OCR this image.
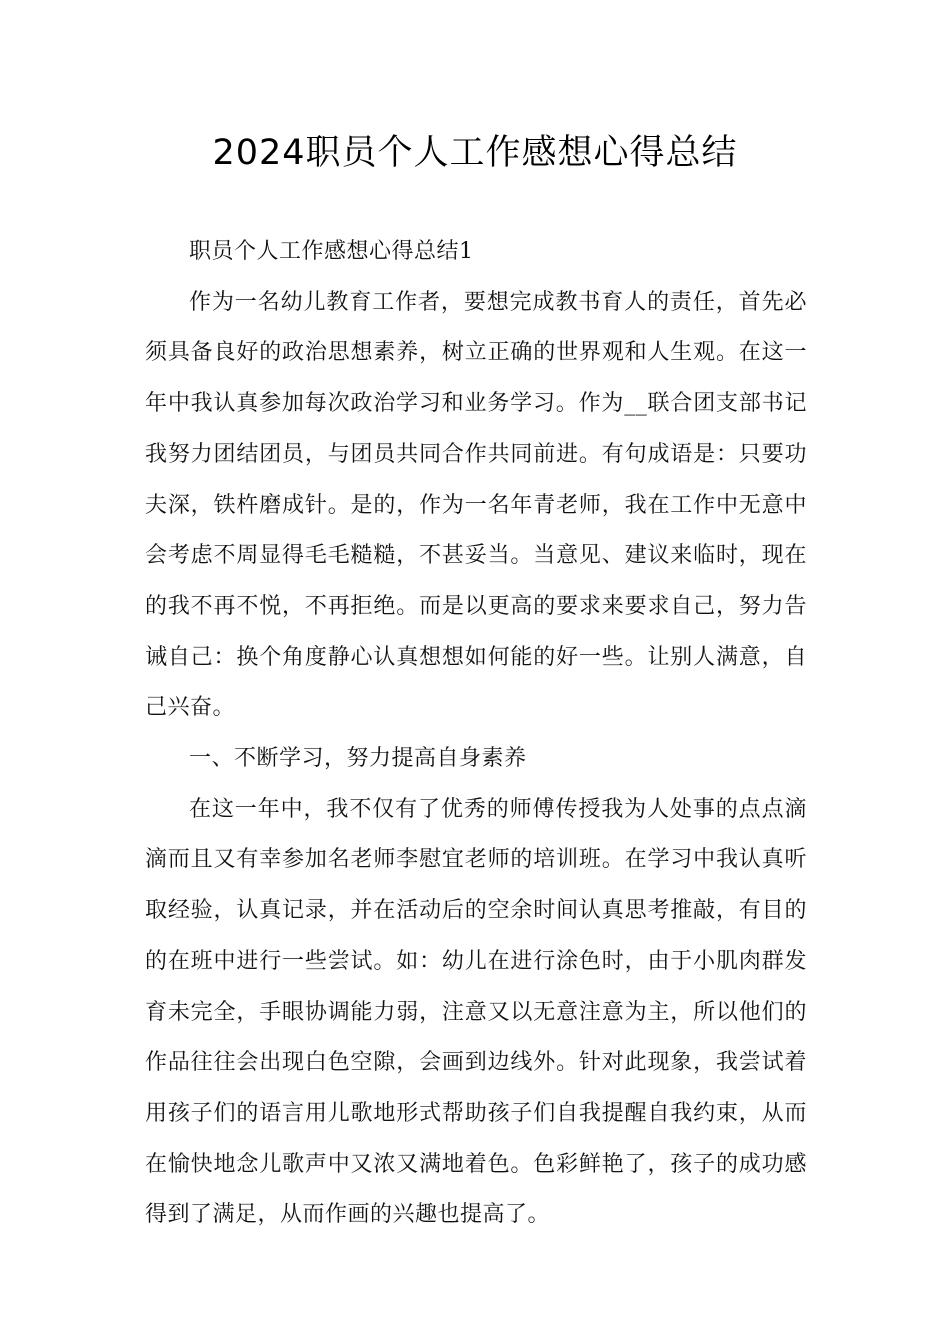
2024职员个人工作感想心得总结

职员个人工作感想心得总结1

作为一名幼儿教育工作者，要想完成教书育人的责任，首先必须具备良好的政治思想素养，树立正确的世界观和人生观。在这一年中我认真参加每次政治学习和业务学习。作为__联合团支部书记我努力团结团员，与团员共同合作共同前进。有句成语是：只要功夫深，铁杵磨成针。是的，作为一名年青老师，我在工作中无意中会考虑不周显得毛毛糙糙，不甚妥当。当意见、建议来临时，现在的我不再不悦，不再拒绝。而是以更高的要求来要求自己，努力告诫自己：换个角度静心认真想想如何能的好一些。让别人满意，自己兴奋。

一、不断学习，努力提高自身素养

在这一年中，我不仅有了优秀的师傅传授我为人处事的点点滴滴而且又有幸参加名老师李慰宜老师的培训班。在学习中我认真听取经验，认真记录，并在活动后的空余时间认真思考推敲，有目的的在班中进行一些尝试。如：幼儿在进行涂色时，由于小肌肉群发育未完全，手眼协调能力弱，注意又以无意注意为主，所以他们的作品往往会出现白色空隙，会画到边线外。针对此现象，我尝试着用孩子们的语言用儿歌地形式帮助孩子们自我提醒自我约束，从而在愉快地念儿歌声中又浓又满地着色。色彩鲜艳了，孩子的成功感得到了满足，从而作画的兴趣也提高了。
